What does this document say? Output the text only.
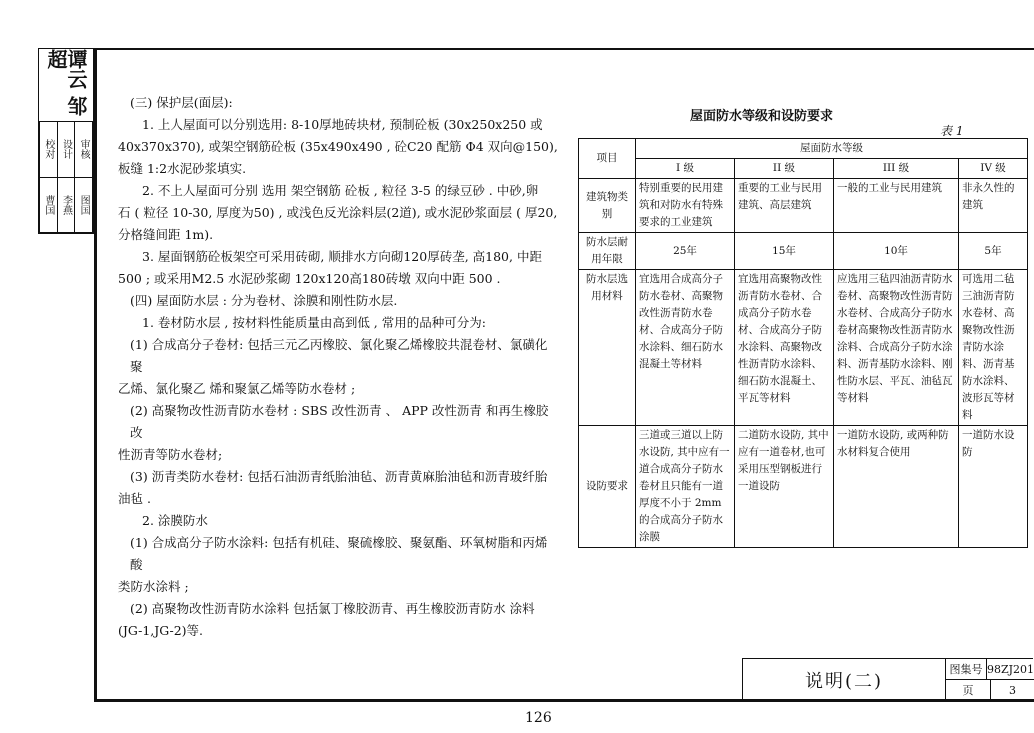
谭云 邹超
校对	设计	审核
曹国	李燕	图国

(三) 保护层(面层):

1. 上人屋面可以分别选用: 8-10厚地砖块材, 预制砼板 (30x250x250 或

40x370x370), 或架空钢筋砼板 (35x490x490 , 砼C20 配筋 Φ4 双向@150),

板缝 1:2水泥砂浆填实.

2. 不上人屋面可分别 选用 架空钢筋 砼板 , 粒径 3-5 的绿豆砂 . 中砂,卵

石 ( 粒径 10-30, 厚度为50) , 或浅色反光涂料层(2道), 或水泥砂浆面层 ( 厚20,

分格缝间距 1m).

3. 屋面钢筋砼板架空可采用砖砌, 顺排水方向砌120厚砖垄, 高180, 中距

500 ; 或采用M2.5 水泥砂浆砌 120x120高180砖墩 双向中距 500 .

(四) 屋面防水层 : 分为卷材、涂膜和刚性防水层.

1. 卷材防水层 , 按材料性能质量由高到低 , 常用的品种可分为:

(1) 合成高分子卷材: 包括三元乙丙橡胶、氯化聚乙烯橡胶共混卷材、氯磺化聚

乙烯、氯化聚乙 烯和聚氯乙烯等防水卷材 ;

(2) 高聚物改性沥青防水卷材 : SBS 改性沥青 、 APP 改性沥青 和再生橡胶改

性沥青等防水卷材;

(3) 沥青类防水卷材: 包括石油沥青纸胎油毡、沥青黄麻胎油毡和沥青玻纤胎

油毡 .

2. 涂膜防水

(1) 合成高分子防水涂料: 包括有机硅、聚硫橡胶、聚氨酯、环氧树脂和丙烯酸

类防水涂料 ;

(2) 高聚物改性沥青防水涂料 包括氯丁橡胶沥青、再生橡胶沥青防水 涂料

(JG-1,JG-2)等.

屋面防水等级和设防要求
表 1
项目	屋面防水等级			
	I 级	II 级	III 级	IV 级
建筑物类 别	特别重要的民用建筑和对防水有特殊要求的工业建筑	重要的工业与民用建筑、高层建筑	一般的工业与民用建筑	非永久性的建筑
防水层耐用年限	25年	15年	10年	5年
防水层选用材料	宜选用合成高分子防水卷材、高聚物改性沥青防水卷材、合成高分子防水涂料、细石防水混凝土等材料	宜选用高聚物改性沥青防水卷材、合成高分子防水卷材、合成高分子防水涂料、高聚物改性沥青防水涂料、细石防水混凝土、平瓦等材料	应选用三毡四油沥青防水卷材、高聚物改性沥青防水卷材、合成高分子防水卷材高聚物改性沥青防水涂料、合成高分子防水涂料、沥青基防水涂料、刚性防水层、平瓦、油毡瓦等材料	可选用二毡三油沥青防水卷材、高聚物改性沥青防水涂料、沥青基防水涂料、波形瓦等材料
设防要求	三道或三道以上防水设防, 其中应有一道合成高分子防水卷材且只能有一道厚度不小于 2mm 的合成高分子防水涂膜	二道防水设防, 其中应有一道卷材,也可采用压型钢板进行一道设防	一道防水设防, 或两种防水材料复合使用	一道防水设防
说明(二)
图集号 98ZJ201
页	3
126
